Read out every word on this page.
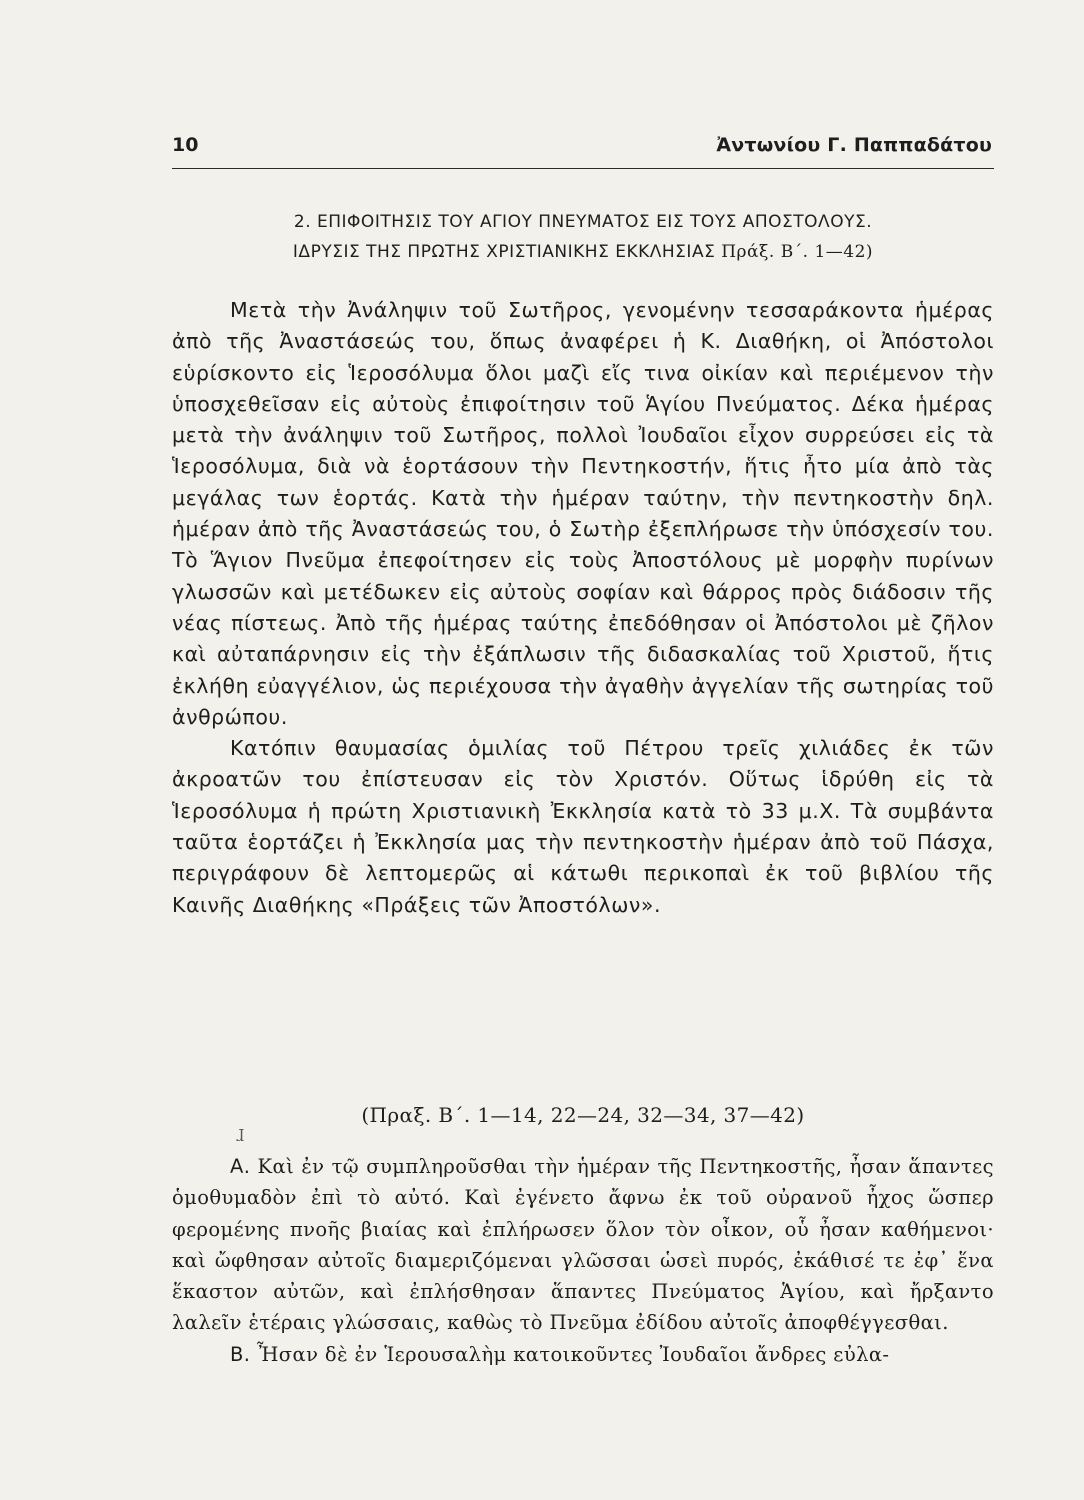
10	Ἀντωνίου Γ. Παππαδάτου
2. ΕΠΙΦΟΙΤΗΣΙΣ ΤΟΥ ΑΓΙΟΥ ΠΝΕΥΜΑΤΟΣ ΕΙΣ ΤΟΥΣ ΑΠΟΣΤΟΛΟΥΣ.
ΙΔΡΥΣΙΣ ΤΗΣ ΠΡΩΤΗΣ ΧΡΙΣΤΙΑΝΙΚΗΣ ΕΚΚΛΗΣΙΑΣ Πράξ. Β΄. 1—42)

Μετὰ τὴν Ἀνάληψιν τοῦ Σωτῆρος, γενομένην τεσσαράκοντα ἡμέρας ἀπὸ τῆς Ἀναστάσεώς του, ὅπως ἀναφέρει ἡ Κ. Διαθήκη, οἱ Ἀπόστολοι εὑρίσκοντο εἰς Ἱεροσόλυμα ὅλοι μαζὶ εἴς τινα οἰκίαν καὶ περιέμενον τὴν ὑποσχεθεῖσαν εἰς αὐτοὺς ἐπιφοίτησιν τοῦ Ἁγίου Πνεύματος. Δέκα ἡμέρας μετὰ τὴν ἀνάληψιν τοῦ Σωτῆρος, πολλοὶ Ἰουδαῖοι εἶχον συρρεύσει εἰς τὰ Ἱεροσόλυμα, διὰ νὰ ἑορτάσουν τὴν Πεντηκοστήν, ἥτις ἦτο μία ἀπὸ τὰς μεγάλας των ἑορτάς. Κατὰ τὴν ἡμέραν ταύτην, τὴν πεντηκοστὴν δηλ. ἡμέραν ἀπὸ τῆς Ἀναστάσεώς του, ὁ Σωτὴρ ἐξεπλήρωσε τὴν ὑπόσχεσίν του. Τὸ Ἅγιον Πνεῦμα ἐπεφοίτησεν εἰς τοὺς Ἀποστόλους μὲ μορφὴν πυρίνων γλωσσῶν καὶ μετέδωκεν εἰς αὐτοὺς σοφίαν καὶ θάρρος πρὸς διάδοσιν τῆς νέας πίστεως. Ἀπὸ τῆς ἡμέρας ταύτης ἐπεδόθησαν οἱ Ἀπόστολοι μὲ ζῆλον καὶ αὐταπάρνησιν εἰς τὴν ἐξάπλωσιν τῆς διδασκαλίας τοῦ Χριστοῦ, ἥτις ἐκλήθη εὐαγγέλιον, ὡς περιέχουσα τὴν ἀγαθὴν ἀγγελίαν τῆς σωτηρίας τοῦ ἀνθρώπου.

Κατόπιν θαυμασίας ὁμιλίας τοῦ Πέτρου τρεῖς χιλιάδες ἐκ τῶν ἀκροατῶν του ἐπίστευσαν εἰς τὸν Χριστόν. Οὕτως ἱδρύθη εἰς τὰ Ἱεροσόλυμα ἡ πρώτη Χριστιανικὴ Ἐκκλησία κατὰ τὸ 33 μ.Χ. Τὰ συμβάντα ταῦτα ἑορτάζει ἡ Ἐκκλησία μας τὴν πεντηκοστὴν ἡμέραν ἀπὸ τοῦ Πάσχα, περιγράφουν δὲ λεπτομερῶς αἱ κάτωθι περικοπαὶ ἐκ τοῦ βιβλίου τῆς Καινῆς Διαθήκης «Πράξεις τῶν Ἀποστόλων».

(Πραξ. Β΄. 1—14, 22—24, 32—34, 37—42)
ɺ

Α. Καὶ ἐν τῷ συμπληροῦσθαι τὴν ἡμέραν τῆς Πεντηκοστῆς, ἦσαν ἅπαντες ὁμοθυμαδὸν ἐπὶ τὸ αὐτό. Καὶ ἐγένετο ἄφνω ἐκ τοῦ οὐρανοῦ ἦχος ὥσπερ φερομένης πνοῆς βιαίας καὶ ἐπλήρωσεν ὅλον τὸν οἶκον, οὗ ἦσαν καθήμενοι· καὶ ὤφθησαν αὐτοῖς διαμεριζόμεναι γλῶσσαι ὡσεὶ πυρός, ἐκάθισέ τε ἐφ᾽ ἕνα ἕκαστον αὐτῶν, καὶ ἐπλήσθησαν ἅπαντες Πνεύματος Ἁγίου, καὶ ἤρξαντο λαλεῖν ἑτέραις γλώσσαις, καθὼς τὸ Πνεῦμα ἐδίδου αὐτοῖς ἀποφθέγγεσθαι.

Β. Ἦσαν δὲ ἐν Ἱερουσαλὴμ κατοικοῦντες Ἰουδαῖοι ἄνδρες εὐλα-
